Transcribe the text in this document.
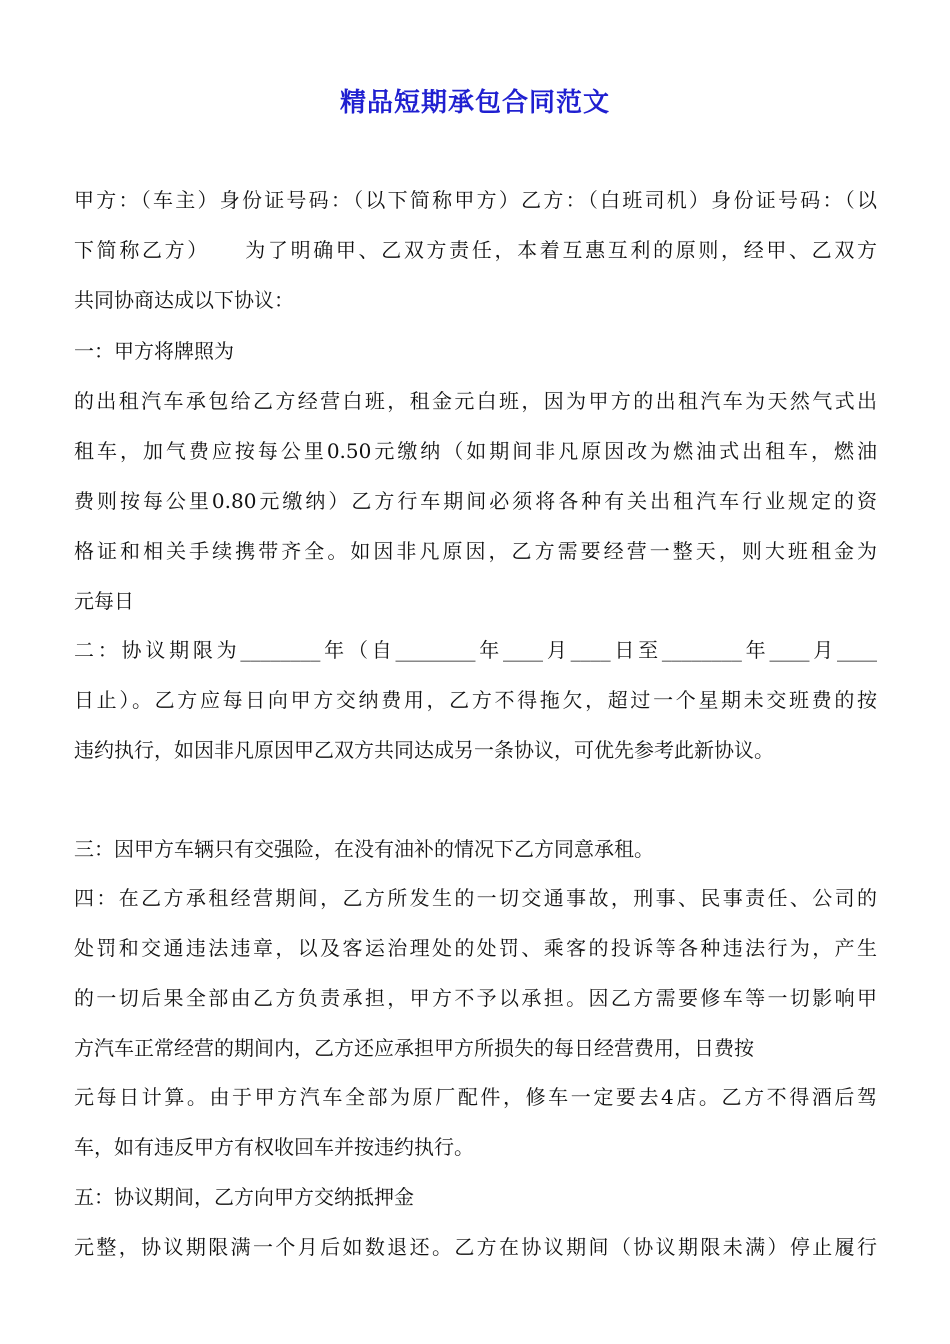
精品短期承包合同范文
甲方：（车主）身份证号码：（以下简称甲方）乙方：（白班司机）身份证号码：（以
下简称乙方）　　为了明确甲、乙双方责任，本着互惠互利的原则，经甲、乙双方
共同协商达成以下协议：
一：甲方将牌照为
的出租汽车承包给乙方经营白班，租金元白班，因为甲方的出租汽车为天然气式出
租车，加气费应按每公里0.50元缴纳（如期间非凡原因改为燃油式出租车，燃油
费则按每公里0.80元缴纳）乙方行车期间必须将各种有关出租汽车行业规定的资
格证和相关手续携带齐全。如因非凡原因，乙方需要经营一整天，则大班租金为
元每日
二：协议期限为________年（自________年____月____日至________年____月____
日止）。乙方应每日向甲方交纳费用，乙方不得拖欠，超过一个星期未交班费的按
违约执行，如因非凡原因甲乙双方共同达成另一条协议，可优先参考此新协议。
三：因甲方车辆只有交强险，在没有油补的情况下乙方同意承租。
四：在乙方承租经营期间，乙方所发生的一切交通事故，刑事、民事责任、公司的
处罚和交通违法违章，以及客运治理处的处罚、乘客的投诉等各种违法行为，产生
的一切后果全部由乙方负责承担，甲方不予以承担。因乙方需要修车等一切影响甲
方汽车正常经营的期间内，乙方还应承担甲方所损失的每日经营费用，日费按
元每日计算。由于甲方汽车全部为原厂配件，修车一定要去4店。乙方不得酒后驾
车，如有违反甲方有权收回车并按违约执行。
五：协议期间，乙方向甲方交纳抵押金
元整，协议期限满一个月后如数退还。乙方在协议期间（协议期限未满）停止履行
